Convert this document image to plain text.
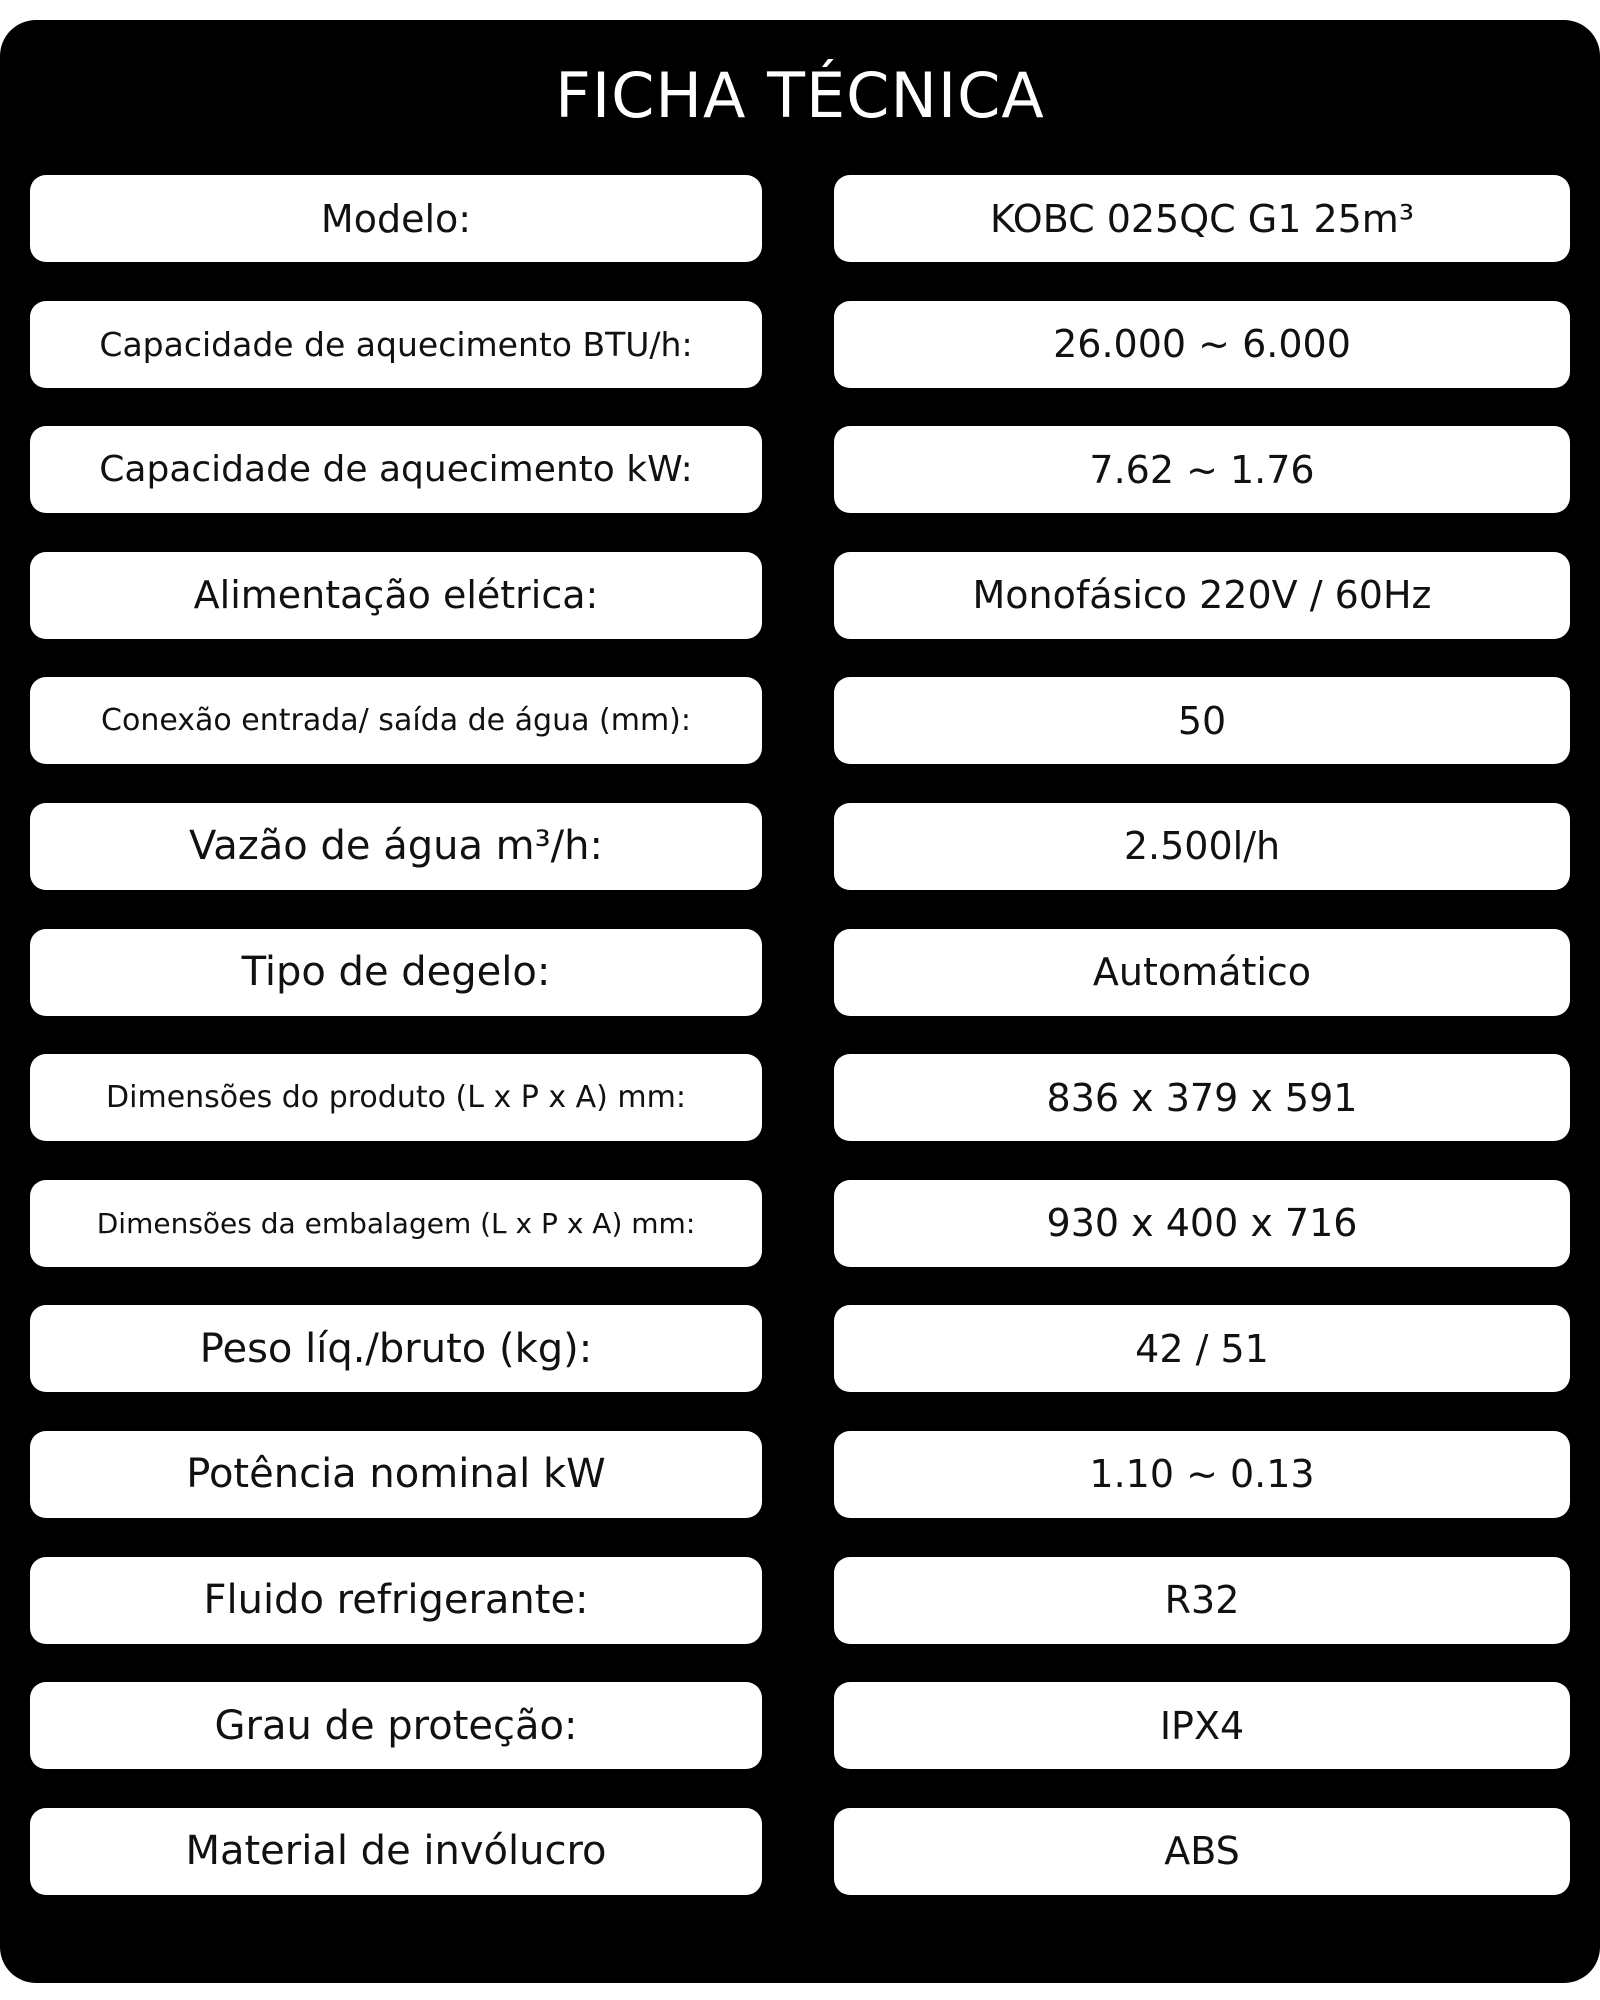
FICHA TÉCNICA
Modelo:	KOBC 025QC G1 25m³
Capacidade de aquecimento BTU/h:	26.000 ~ 6.000
Capacidade de aquecimento kW:	7.62 ~ 1.76
Alimentação elétrica:	Monofásico 220V / 60Hz
Conexão entrada/ saída de água (mm):	50
Vazão de água m³/h:	2.500l/h
Tipo de degelo:	Automático
Dimensões do produto (L x P x A) mm:	836 x 379 x 591
Dimensões da embalagem (L x P x A) mm:	930 x 400 x 716
Peso líq./bruto (kg):	42 / 51
Potência nominal kW	1.10 ~ 0.13
Fluido refrigerante:	R32
Grau de proteção:	IPX4
Material de invólucro	ABS
